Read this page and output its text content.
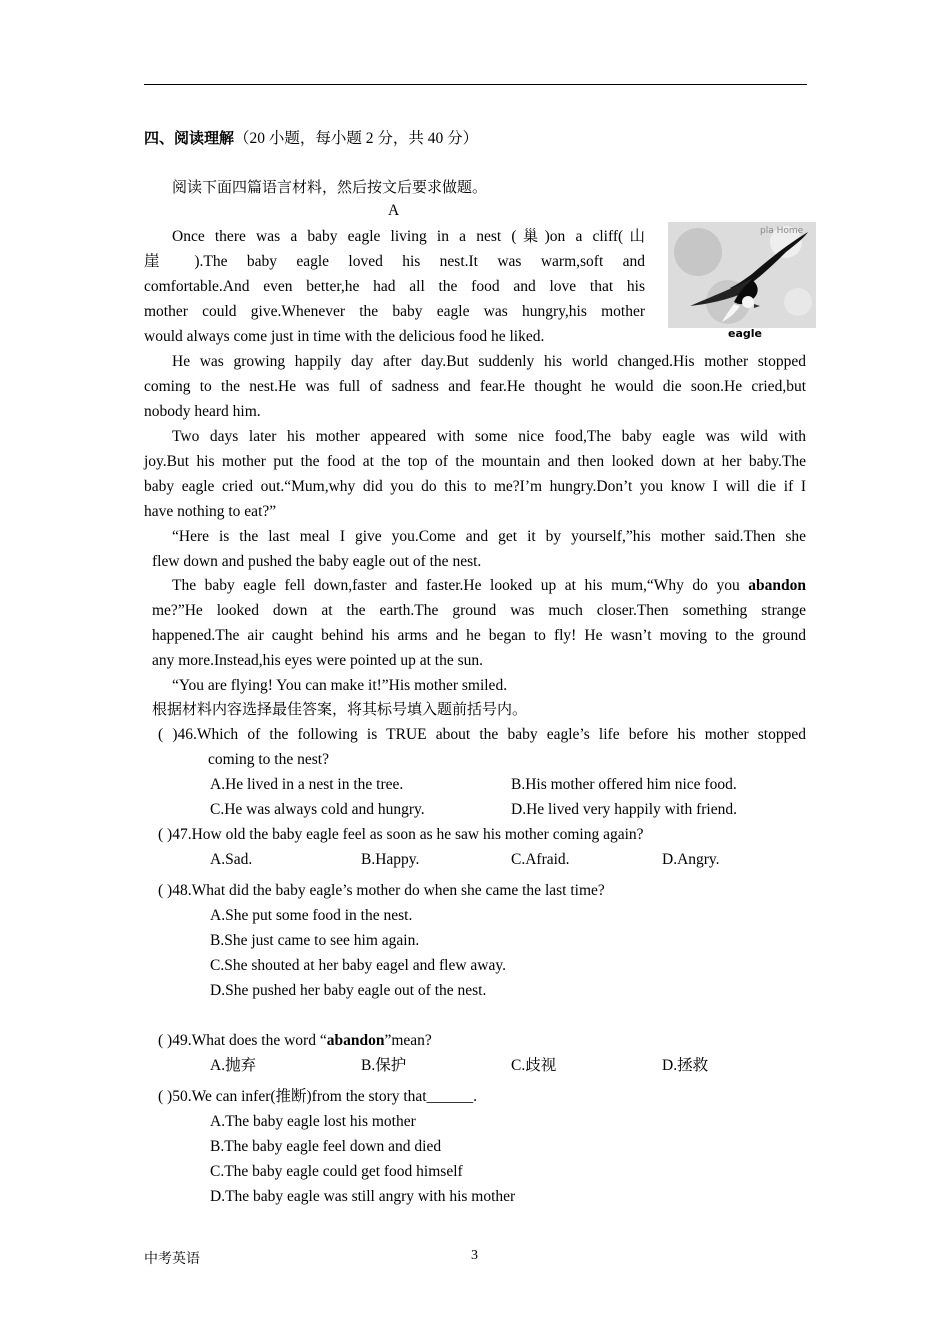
四、阅读理解（20 小题，每小题 2 分，共 40 分）
阅读下面四篇语言材料，然后按文后要求做题。
A
pla Home
eagle
Once there was a baby eagle living in a nest (巢)on a cliff(山
崖 ).The baby eagle loved his nest.It was warm,soft and
comfortable.And even better,he had all the food and love that his
mother could give.Whenever the baby eagle was hungry,his mother
would always come just in time with the delicious food he liked.
He was growing happily day after day.But suddenly his world changed.His mother stopped
coming to the nest.He was full of sadness and fear.He thought he would die soon.He cried,but
nobody heard him.
Two days later his mother appeared with some nice food,The baby eagle was wild with
joy.But his mother put the food at the top of the mountain and then looked down at her baby.The
baby eagle cried out.“Mum,why did you do this to me?I’m hungry.Don’t you know I will die if I
have nothing to eat?”
“Here is the last meal I give you.Come and get it by yourself,”his mother said.Then she
flew down and pushed the baby eagle out of the nest.
The baby eagle fell down,faster and faster.He looked up at his mum,“Why do you abandon
me?”He looked down at the earth.The ground was much closer.Then something strange
happened.The air caught behind his arms and he began to fly! He wasn’t moving to the ground
any more.Instead,his eyes were pointed up at the sun.
“You are flying! You can make it!”His mother smiled.
根据材料内容选择最佳答案，将其标号填入题前括号内。
( )46.Which of the following is TRUE about the baby eagle’s life before his mother stopped
coming to the nest?
A.He lived in a nest in the tree.	B.His mother offered him nice food.
C.He was always cold and hungry.	D.He lived very happily with friend.
( )47.How old the baby eagle feel as soon as he saw his mother coming again?
A.Sad.	B.Happy.	C.Afraid.	D.Angry.
( )48.What did the baby eagle’s mother do when she came the last time?
A.She put some food in the nest.
B.She just came to see him again.
C.She shouted at her baby eagel and flew away.
D.She pushed her baby eagle out of the nest.
( )49.What does the word “abandon”mean?
A.抛弃	B.保护	C.歧视	D.拯救
( )50.We can infer(推断)from the story that______.
A.The baby eagle lost his mother
B.The baby eagle feel down and died
C.The baby eagle could get food himself
D.The baby eagle was still angry with his mother
中考英语	3
